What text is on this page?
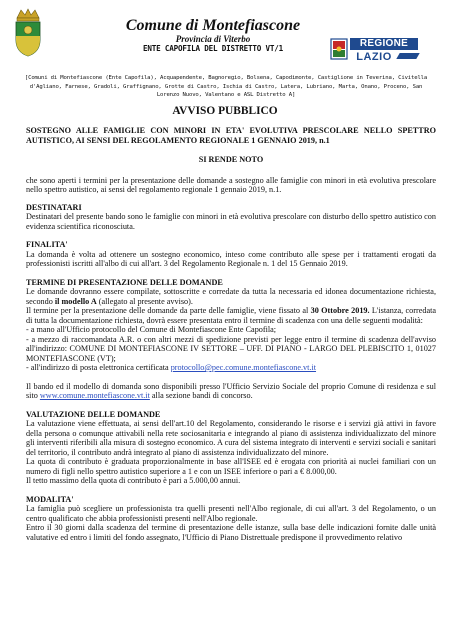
Comune di Montefiascone
Provincia di Viterbo
ENTE CAPOFILA DEL DISTRETTO VT/1	REGIONE
LAZIO
[Comuni di Montefiascone (Ente Capofila), Acquapendente, Bagnoregio, Bolsena, Capodimonte, Castiglione in Teverina, Civitella d'Agliano, Farnese, Gradoli, Graffignano, Grotte di Castro, Ischia di Castro, Latera, Lubriano, Marta, Onano, Proceno, San Lorenzo Nuovo, Valentano e ASL Distretto A]
AVVISO PUBBLICO

SOSTEGNO ALLE FAMIGLIE CON MINORI IN ETA' EVOLUTIVA PRESCOLARE NELLO SPETTRO AUTISTICO, AI SENSI DEL REGOLAMENTO REGIONALE 1 GENNAIO 2019, n.1

SI RENDE NOTO

che sono aperti i termini per la presentazione delle domande a sostegno alle famiglie con minori in età evolutiva prescolare nello spettro autistico, ai sensi del regolamento regionale 1 gennaio 2019, n.1.

DESTINATARI

Destinatari del presente bando sono le famiglie con minori in età evolutiva prescolare con disturbo dello spettro autistico con evidenza scientifica riconosciuta.

FINALITA'

La domanda è volta ad ottenere un sostegno economico, inteso come contributo alle spese per i trattamenti erogati da professionisti iscritti all'albo di cui all'art. 3 del Regolamento Regionale n. 1 del 15 Gennaio 2019.

TERMINE DI PRESENTAZIONE DELLE DOMANDE

Le domande dovranno essere compilate, sottoscritte e corredate da tutta la necessaria ed idonea documentazione richiesta, secondo il modello A (allegato al presente avviso).

Il termine per la presentazione delle domande da parte delle famiglie, viene fissato al 30 Ottobre 2019. L'istanza, corredata di tutta la documentazione richiesta, dovrà essere presentata entro il termine di scadenza con una delle seguenti modalità:

- a mano all'Ufficio protocollo del Comune di Montefiascone Ente Capofila;

- a mezzo di raccomandata A.R. o con altri mezzi di spedizione previsti per legge entro il termine di scadenza dell'avviso all'indirizzo: COMUNE DI MONTEFIASCONE IV SETTORE – UFF. DI PIANO - LARGO DEL PLEBISCITO 1, 01027 MONTEFIASCONE (VT);

- all'indirizzo di posta elettronica certificata protocollo@pec.comune.montefiascone.vt.it

Il bando ed il modello di domanda sono disponibili presso l'Ufficio Servizio Sociale del proprio Comune di residenza e sul sito www.comune.montefiascone.vt.it alla sezione bandi di concorso.

VALUTAZIONE DELLE DOMANDE

La valutazione viene effettuata, ai sensi dell'art.10 del Regolamento, considerando le risorse e i servizi già attivi in favore della persona o comunque attivabili nella rete sociosanitaria e integrando al piano di assistenza individualizzato del minore gli interventi riferibili alla misura di sostegno economico. A cura del sistema integrato di interventi e servizi sociali e sanitari del territorio, il contributo andrà integrato al piano di assistenza individualizzato del minore.

La quota di contributo è graduata proporzionalmente in base all'ISEE ed è erogata con priorità ai nuclei familiari con un numero di figli nello spettro autistico superiore a 1 e con un ISEE inferiore o pari a € 8.000,00.

Il tetto massimo della quota di contributo è pari a 5.000,00 annui.

MODALITA'

La famiglia può scegliere un professionista tra quelli presenti nell'Albo regionale, di cui all'art. 3 del Regolamento, o un centro qualificato che abbia professionisti presenti nell'Albo regionale.

Entro il 30 giorni dalla scadenza del termine di presentazione delle istanze, sulla base delle indicazioni fornite dalle unità valutative ed entro i limiti del fondo assegnato, l'Ufficio di Piano Distrettuale predispone il provvedimento relativo
